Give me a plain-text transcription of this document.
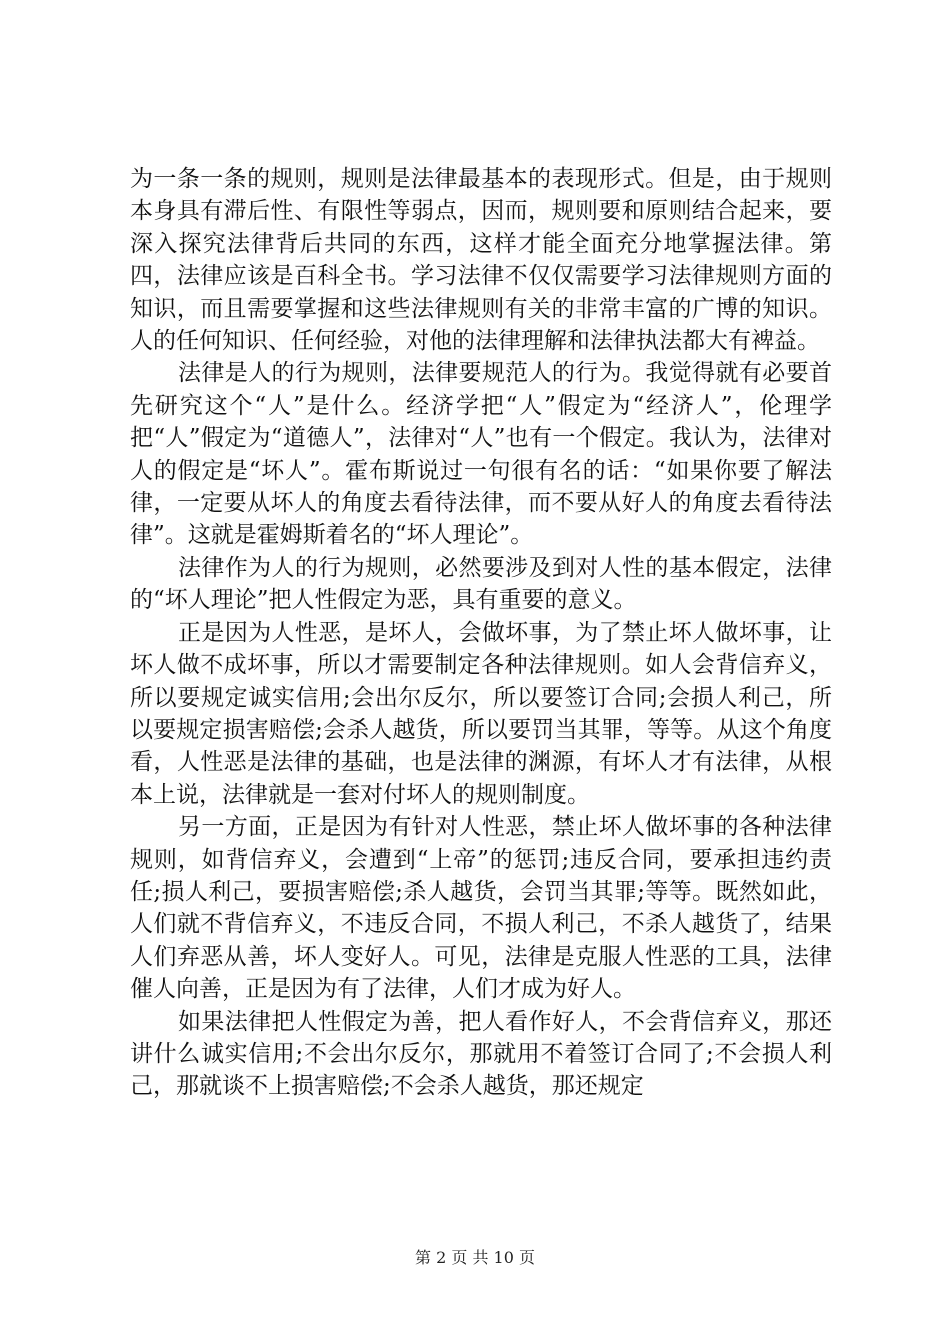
为一条一条的规则，规则是法律最基本的表现形式。但是，由于规则本身具有滞后性、有限性等弱点，因而，规则要和原则结合起来，要深入探究法律背后共同的东西，这样才能全面充分地掌握法律。第四，法律应该是百科全书。学习法律不仅仅需要学习法律规则方面的知识，而且需要掌握和这些法律规则有关的非常丰富的广博的知识。人的任何知识、任何经验，对他的法律理解和法律执法都大有裨益。

法律是人的行为规则，法律要规范人的行为。我觉得就有必要首先研究这个“人”是什么。经济学把“人”假定为“经济人”，伦理学把“人”假定为“道德人”，法律对“人”也有一个假定。我认为，法律对人的假定是“坏人”。霍布斯说过一句很有名的话：“如果你要了解法律，一定要从坏人的角度去看待法律，而不要从好人的角度去看待法律”。这就是霍姆斯着名的“坏人理论”。

法律作为人的行为规则，必然要涉及到对人性的基本假定，法律的“坏人理论”把人性假定为恶，具有重要的意义。

正是因为人性恶，是坏人，会做坏事，为了禁止坏人做坏事，让坏人做不成坏事，所以才需要制定各种法律规则。如人会背信弃义，所以要规定诚实信用;会出尔反尔，所以要签订合同;会损人利己，所以要规定损害赔偿;会杀人越货，所以要罚当其罪，等等。从这个角度看，人性恶是法律的基础，也是法律的渊源，有坏人才有法律，从根本上说，法律就是一套对付坏人的规则制度。

另一方面，正是因为有针对人性恶，禁止坏人做坏事的各种法律规则，如背信弃义，会遭到“上帝”的惩罚;违反合同，要承担违约责任;损人利己，要损害赔偿;杀人越货，会罚当其罪;等等。既然如此，人们就不背信弃义，不违反合同，不损人利己，不杀人越货了，结果人们弃恶从善，坏人变好人。可见，法律是克服人性恶的工具，法律催人向善，正是因为有了法律，人们才成为好人。

如果法律把人性假定为善，把人看作好人，不会背信弃义，那还讲什么诚实信用;不会出尔反尔，那就用不着签订合同了;不会损人利己，那就谈不上损害赔偿;不会杀人越货，那还规定

第 2 页 共 10 页
